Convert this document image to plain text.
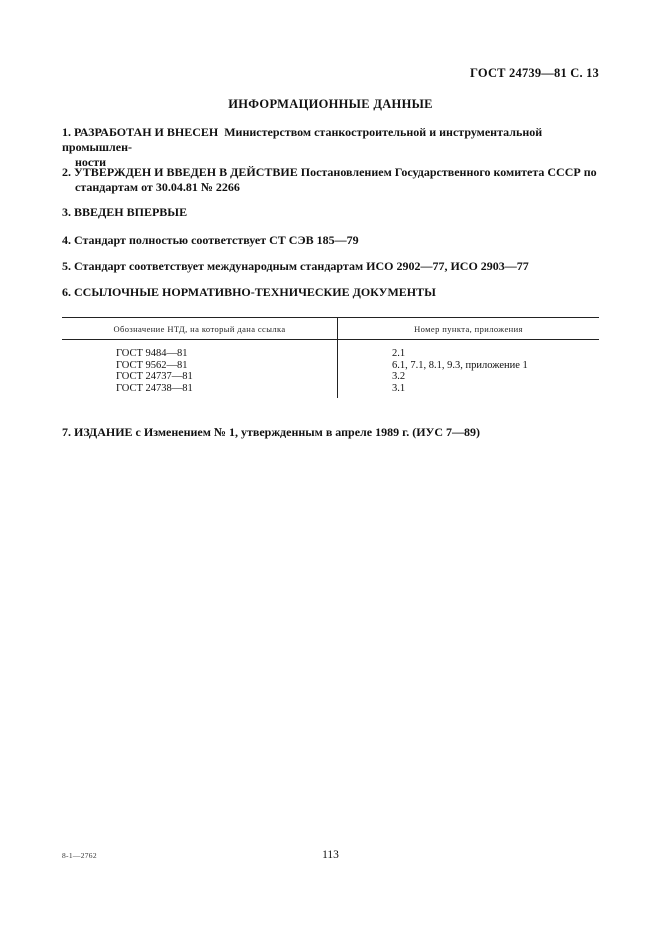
ГОСТ 24739—81 С. 13
ИНФОРМАЦИОННЫЕ ДАННЫЕ
1. РАЗРАБОТАН И ВНЕСЕН Министерством станкостроительной и инструментальной промышлен-
ности
2. УТВЕРЖДЕН И ВВЕДЕН В ДЕЙСТВИЕ Постановлением Государственного комитета СССР по
стандартам от 30.04.81 № 2266
3. ВВЕДЕН ВПЕРВЫЕ
4. Стандарт полностью соответствует СТ СЭВ 185—79
5. Стандарт соответствует международным стандартам ИСО 2902—77, ИСО 2903—77
6. ССЫЛОЧНЫЕ НОРМАТИВНО-ТЕХНИЧЕСКИЕ ДОКУМЕНТЫ
Обозначение НТД, на который дана ссылка	Номер пункта, приложения
ГОСТ 9484—81	2.1
ГОСТ 9562—81	6.1, 7.1, 8.1, 9.3, приложение 1
ГОСТ 24737—81	3.2
ГОСТ 24738—81	3.1
7. ИЗДАНИЕ с Изменением № 1, утвержденным в апреле 1989 г. (ИУС 7—89)
8-1—2762	113
